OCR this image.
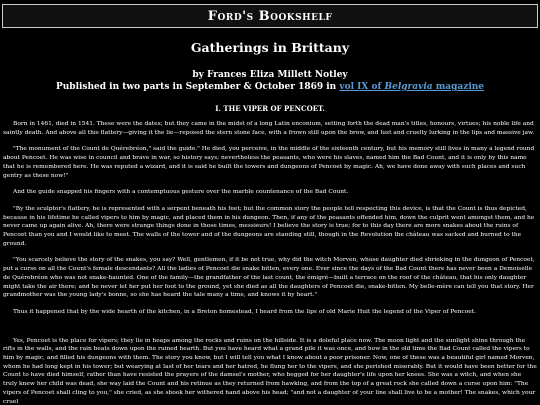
Ford's Bookshelf
Gatherings in Brittany
by Frances Eliza Millett Notley
Published in two parts in September & October 1869 in vol IX of Belgravia magazine
I. THE VIPER OF PENCOET.

Born in 1461, died in 1541. These were the dates; but they came in the midst of a long Latin enconium, setting forth the dead man's titles, honours, virtues; his noble life and saintly death. And above all this flattery—giving it the lie—reposed the stern stone face, with a frown still upon the brow, and lust and cruelty lurking in the lips and massive jaw.

"The monument of the Count de Quérebréon," said the guide." He died, you perceive, in the middle of the sixteenth century, but his memory still lives in many a legend round about Pencoet. He was wise in council and brave in war, so history says; nevertheless the peasants, who were his slaves, named him the Bad Count, and it is only by this name that he is remembered here. He was reputed a wizard, and it is said he built the towers and dungeons of Pencoet by magic. Ah, we have done away with such places and such gentry as these now!"

And the guide snapped his fingers with a contemptuous gesture over the marble countenance of the Bad Count.

"By the sculptor's flattery, he is represented with a serpent beneath his feet; but the common story the people tell respecting this device, is that the Count is thus depicted, because in his lifetime he called vipers to him by magic, and placed them in his dungeon. Then, if any of the peasants offended him, down the culprit went amongst them, and he never came up again alive. Ah, there were strange things done in those times, messieurs! I believe the story is true; for to this day there are more snakes about the ruins of Pencoet than you and I would like to meet. The walls of the tower and of the dungeons are standing still, though in the Revolution the château was sacked and burned to the ground.

"You scarcely believe the story of the snakes, you say? Well, gentlemen, if it be not true, why did the witch Morven, whose daughter died shrieking in the dungeon of Pencoet, put a curse on all the Count's female descendants? All the ladies of Pencoet die snake bitten, every one. Ever since the days of the Bad Count there has never been a Demoiselle de Quérebréon who was not snake-haunted. One of the family—the grandfather of the last count, the émigré—built a terrace on the roof of the château, that his only daughter might take the air there; and he never let her put her foot to the ground, yet she died as all the daughters of Pencoet die, snake-bitten. My belle-mère can tell you that story. Her grandmother was the young lady's bonne, so she has heard the tale many a time, and knows it by heart."

Thus it happened that by the wide hearth of the kitchen, in a Breton homestead, I heard from the lips of old Marie Huit the legend of the Viper of Pencoet.

Yes, Pencoet is the place for vipers; they lie in heaps among the rocks and ruins on the hillside. It is a doleful place now. The moon light and the sunlight shine through the rifts in the walls, and the rain beats down upon the ruined hearth. But you have heard what a grand pile it was once, and how in the old time the Bad Count called the vipers to him by magic, and filled his dungeons with them. The story you know, but I will tell you what I know about a poor prisoner. Now, one of these was a beautiful girl named Morven, whom he had long kept in his tower; but wearying at last of her tears and her hatred, he flung her to the vipers, and she perished miserably. But it would have been better for the Count to have died himself, rather than have resisted the prayers of the damsel's mother, who begged for her daughter's life upon her knees. She was a witch, and when she truly knew her child was dead, she way laid the Count and his retinue as they returned from hawking, and from the top of a great rock she called down a curse upon him: "The vipers of Pencoet shall cling to you," she cried, as she shook her withered hand above his head; "and not a daughter of your line shall live to be a mother! The snakes, which your cruel
